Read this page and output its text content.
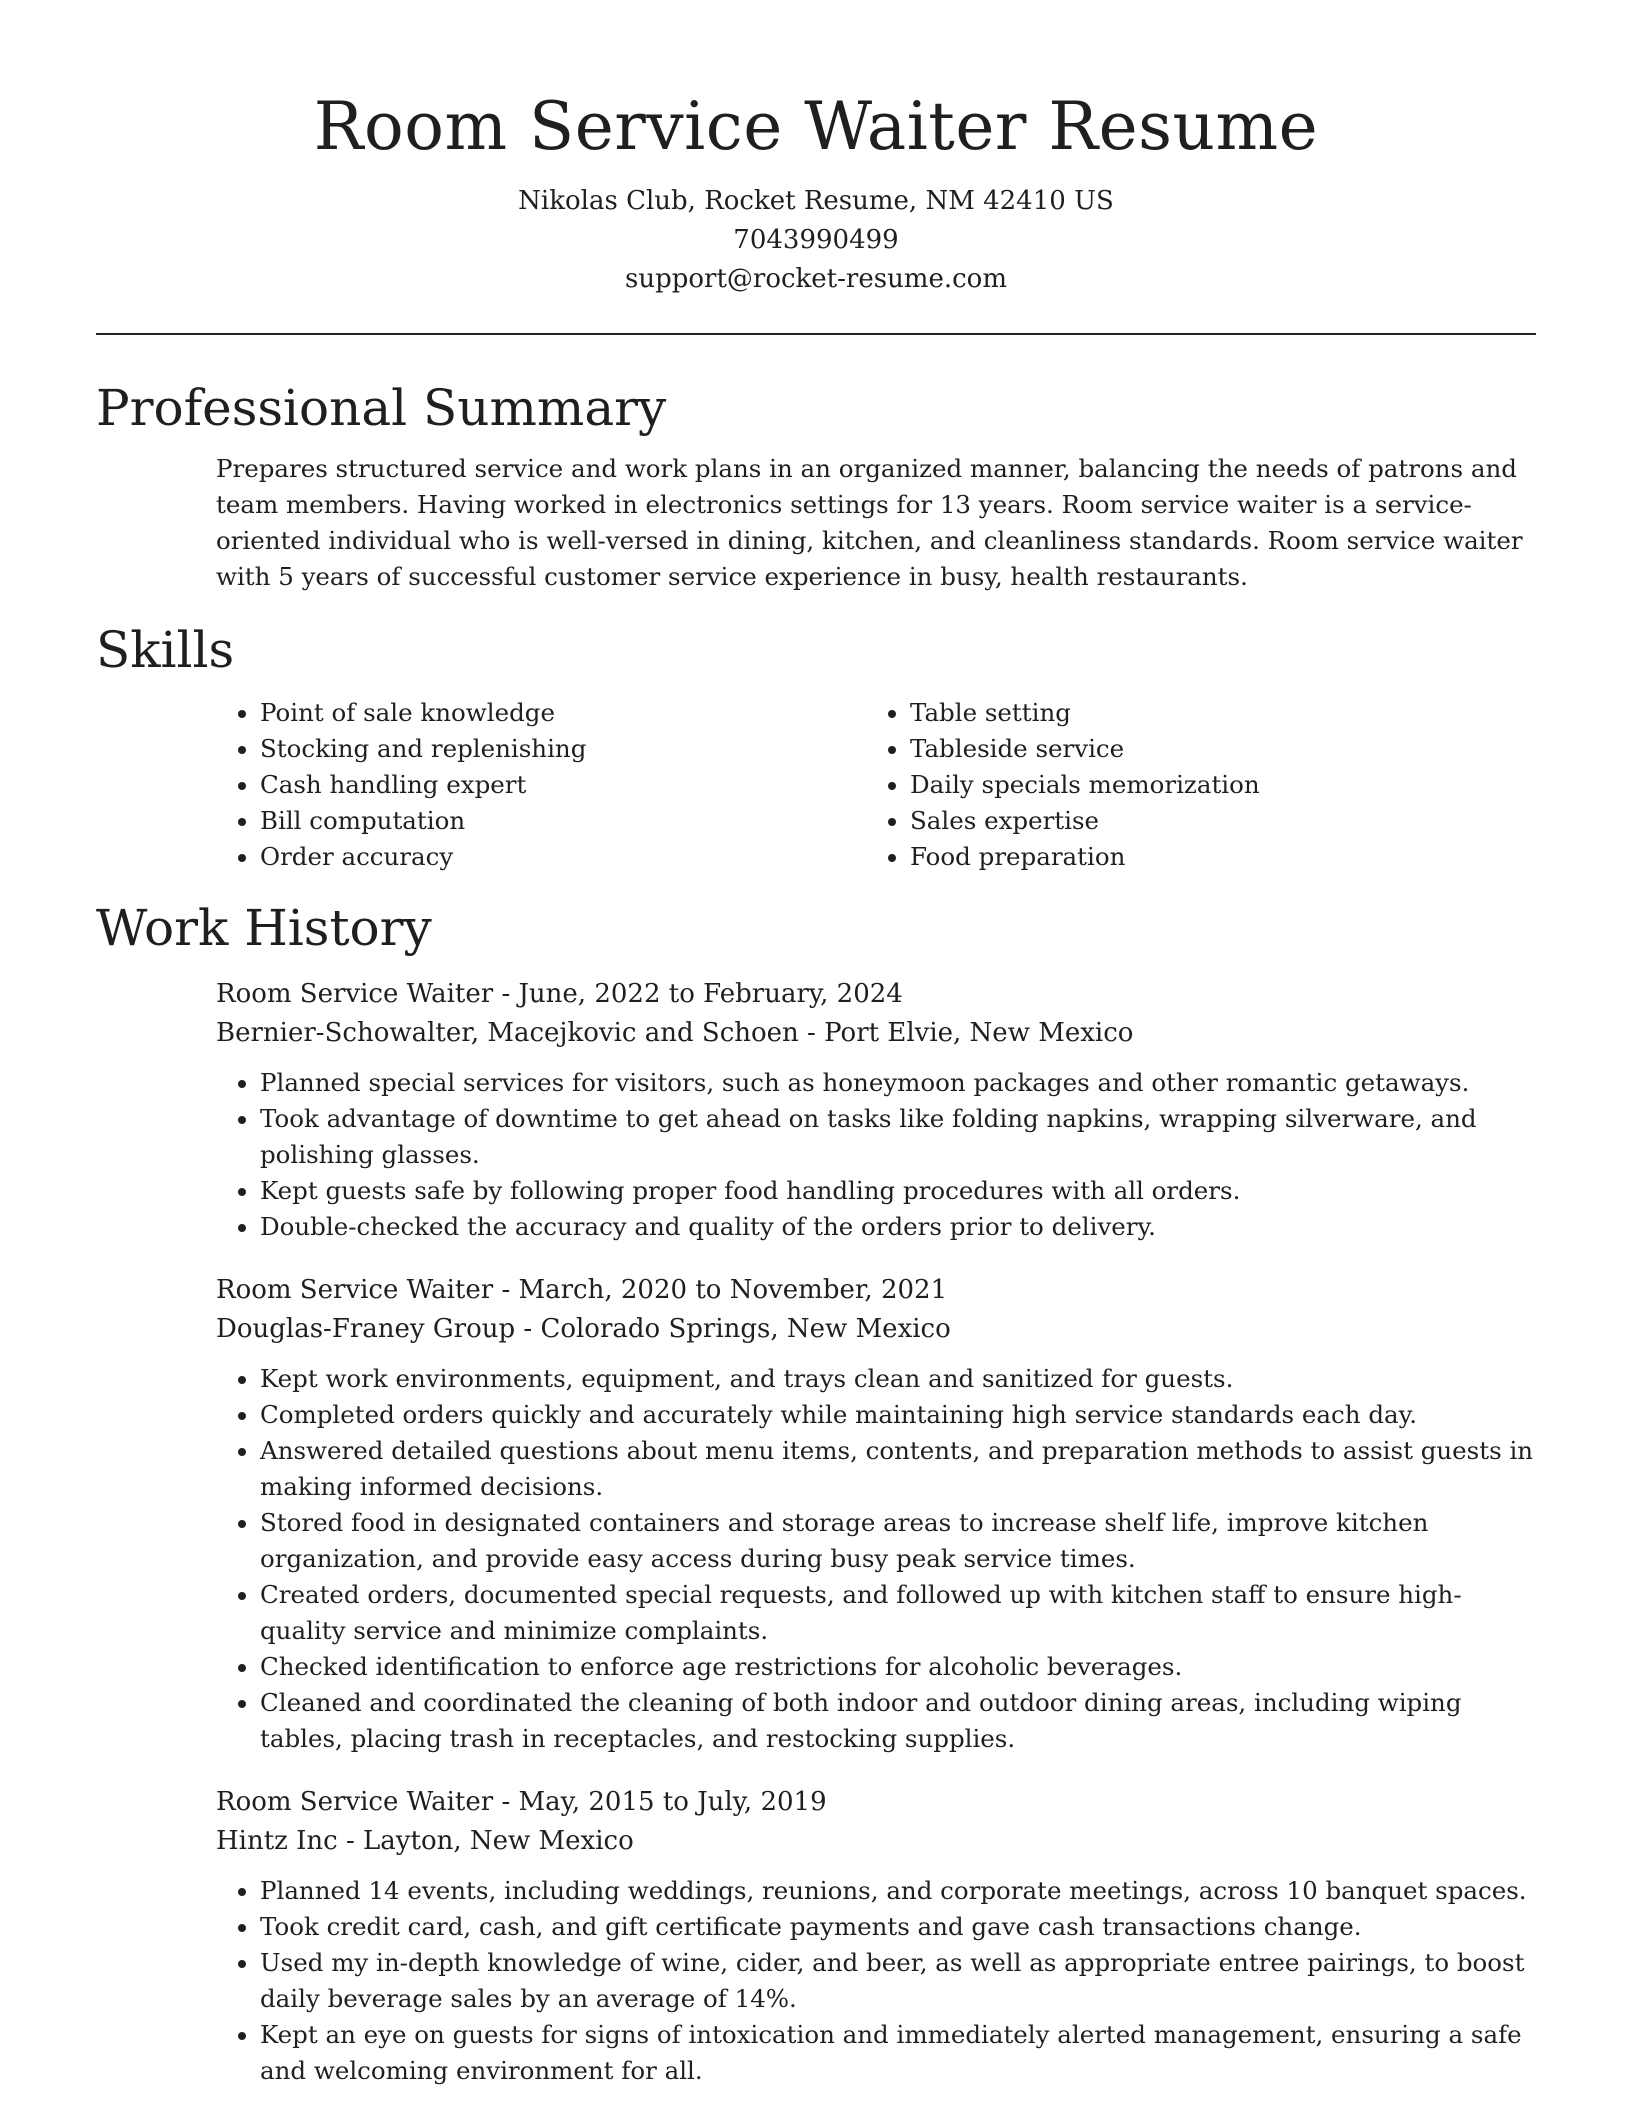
Room Service Waiter Resume
Nikolas Club, Rocket Resume, NM 42410 US
7043990499
support@rocket-resume.com
Professional Summary

Prepares structured service and work plans in an organized manner, balancing the needs of patrons and team members. Having worked in electronics settings for 13 years. Room service waiter is a service-oriented individual who is well-versed in dining, kitchen, and cleanliness standards. Room service waiter with 5 years of successful customer service experience in busy, health restaurants.

Skills
• Point of sale knowledge
• Stocking and replenishing
• Cash handling expert
• Bill computation
• Order accuracy
• Table setting
• Tableside service
• Daily specials memorization
• Sales expertise
• Food preparation
Work History
Room Service Waiter - June, 2022 to February, 2024
Bernier-Schowalter, Macejkovic and Schoen - Port Elvie, New Mexico
• Planned special services for visitors, such as honeymoon packages and other romantic getaways.
• Took advantage of downtime to get ahead on tasks like folding napkins, wrapping silverware, and polishing glasses.
• Kept guests safe by following proper food handling procedures with all orders.
• Double-checked the accuracy and quality of the orders prior to delivery.
Room Service Waiter - March, 2020 to November, 2021
Douglas-Franey Group - Colorado Springs, New Mexico
• Kept work environments, equipment, and trays clean and sanitized for guests.
• Completed orders quickly and accurately while maintaining high service standards each day.
• Answered detailed questions about menu items, contents, and preparation methods to assist guests in making informed decisions.
• Stored food in designated containers and storage areas to increase shelf life, improve kitchen organization, and provide easy access during busy peak service times.
• Created orders, documented special requests, and followed up with kitchen staff to ensure high-quality service and minimize complaints.
• Checked identification to enforce age restrictions for alcoholic beverages.
• Cleaned and coordinated the cleaning of both indoor and outdoor dining areas, including wiping tables, placing trash in receptacles, and restocking supplies.
Room Service Waiter - May, 2015 to July, 2019
Hintz Inc - Layton, New Mexico
• Planned 14 events, including weddings, reunions, and corporate meetings, across 10 banquet spaces.
• Took credit card, cash, and gift certificate payments and gave cash transactions change.
• Used my in-depth knowledge of wine, cider, and beer, as well as appropriate entree pairings, to boost daily beverage sales by an average of 14%.
• Kept an eye on guests for signs of intoxication and immediately alerted management, ensuring a safe and welcoming environment for all.
